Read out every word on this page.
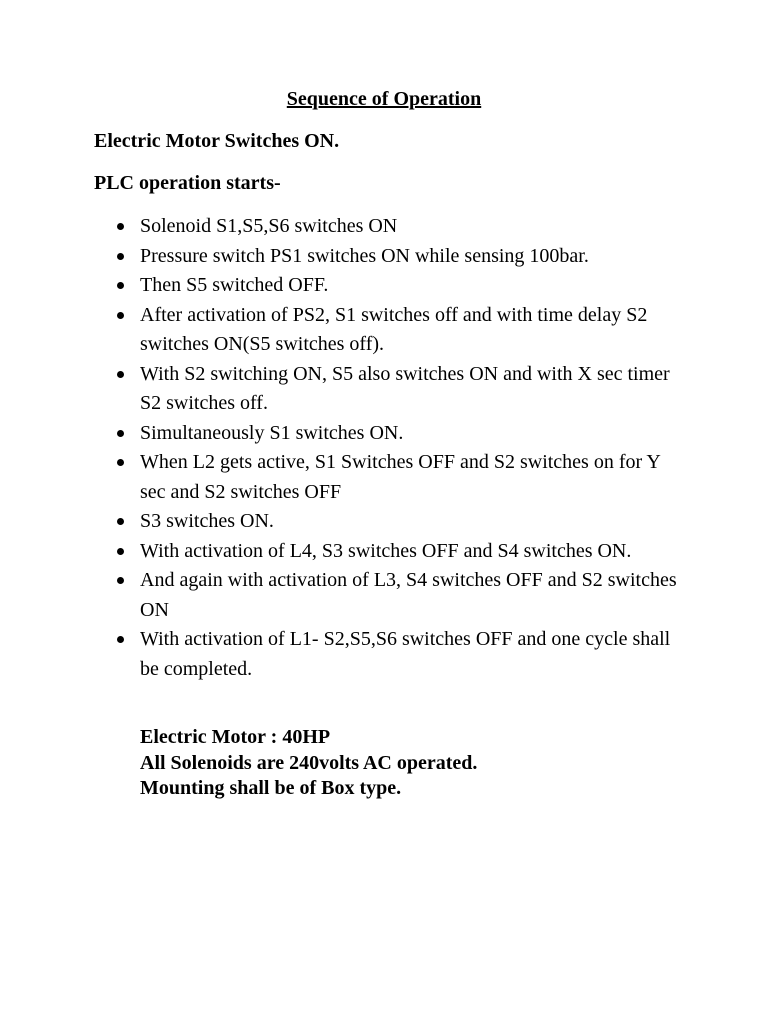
Sequence of Operation

Electric Motor Switches ON.

PLC operation starts-

Solenoid S1,S5,S6 switches ON
Pressure switch PS1 switches ON while sensing 100bar.
Then S5 switched OFF.
After activation of PS2, S1 switches off and with time delay S2 switches ON(S5 switches off).
With S2 switching ON, S5 also switches ON and with X sec timer S2 switches off.
Simultaneously S1 switches ON.
When L2 gets active, S1 Switches OFF and S2 switches on for Y sec and S2 switches OFF
S3 switches ON.
With activation of L4, S3 switches OFF and S4 switches ON.
And again with activation of L3, S4 switches OFF and S2 switches ON
With activation of L1- S2,S5,S6 switches OFF and one cycle shall be completed.
Electric Motor : 40HP
All Solenoids are 240volts AC operated.
Mounting shall be of Box type.
